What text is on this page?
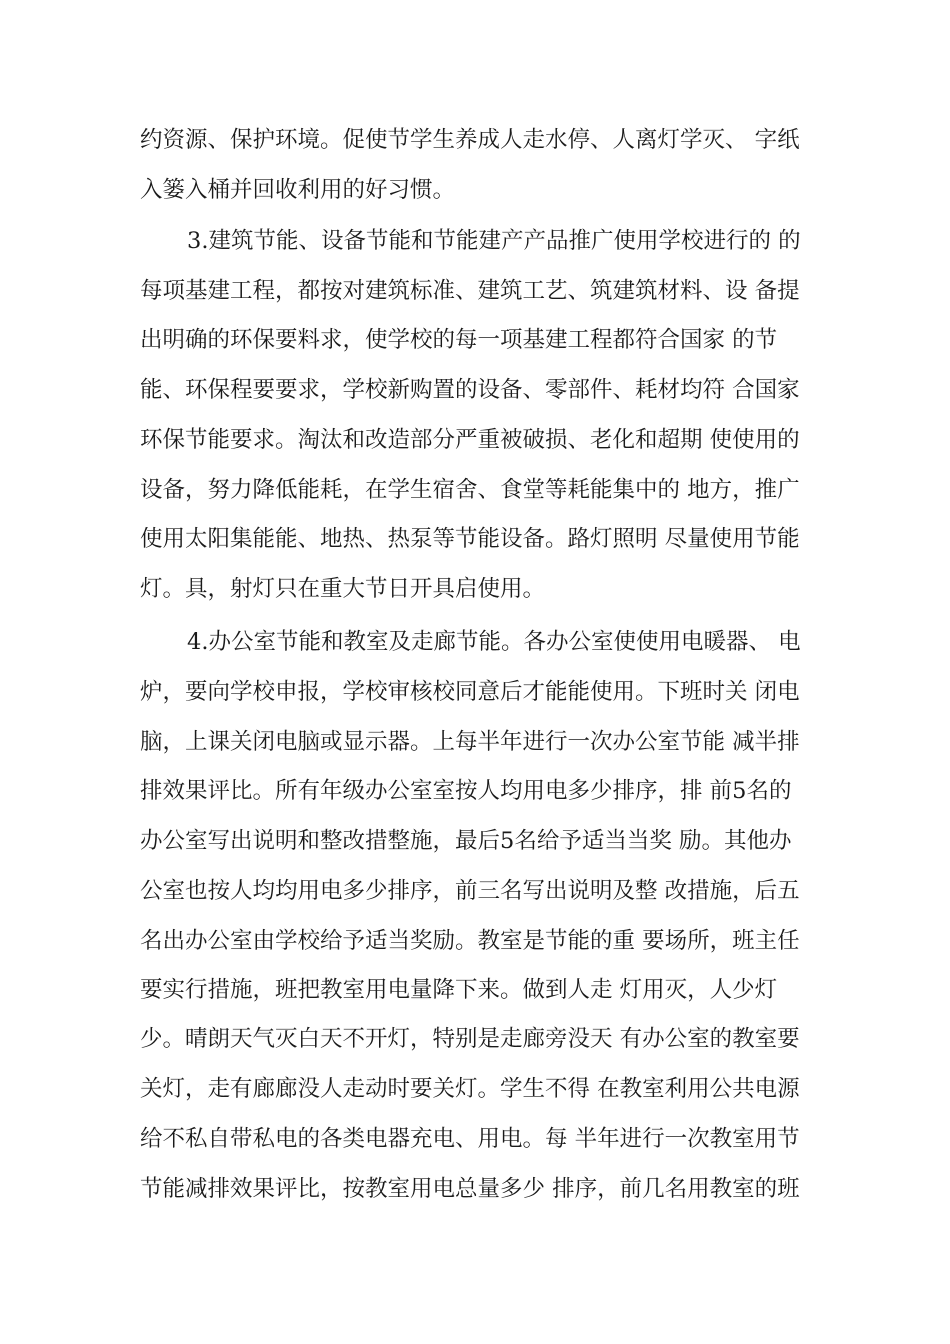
约资源、保护环境。促使节学生养成人走水停、人离灯学灭、 字纸
入篓入桶并回收利用的好习惯。
3.建筑节能、设备节能和节能建产产品推广使用学校进行的 的
每项基建工程，都按对建筑标准、建筑工艺、筑建筑材料、设 备提
出明确的环保要料求，使学校的每一项基建工程都符合国家 的节
能、环保程要要求，学校新购置的设备、零部件、耗材均符 合国家
环保节能要求。淘汰和改造部分严重被破损、老化和超期 使使用的
设备，努力降低能耗，在学生宿舍、食堂等耗能集中的 地方，推广
使用太阳集能能、地热、热泵等节能设备。路灯照明 尽量使用节能
灯。具，射灯只在重大节日开具启使用。
4.办公室节能和教室及走廊节能。各办公室使使用电暖器、 电
炉，要向学校申报，学校审核校同意后才能能使用。下班时关 闭电
脑，上课关闭电脑或显示器。上每半年进行一次办公室节能 减半排
排效果评比。所有年级办公室室按人均用电多少排序，排 前5名的
办公室写出说明和整改措整施，最后5名给予适当当奖 励。其他办
公室也按人均均用电多少排序，前三名写出说明及整 改措施，后五
名出办公室由学校给予适当奖励。教室是节能的重 要场所，班主任
要实行措施，班把教室用电量降下来。做到人走 灯用灭，人少灯
少。晴朗天气灭白天不开灯，特别是走廊旁没天 有办公室的教室要
关灯，走有廊廊没人走动时要关灯。学生不得 在教室利用公共电源
给不私自带私电的各类电器充电、用电。每 半年进行一次教室用节
节能减排效果评比，按教室用电总量多少 排序，前几名用教室的班
